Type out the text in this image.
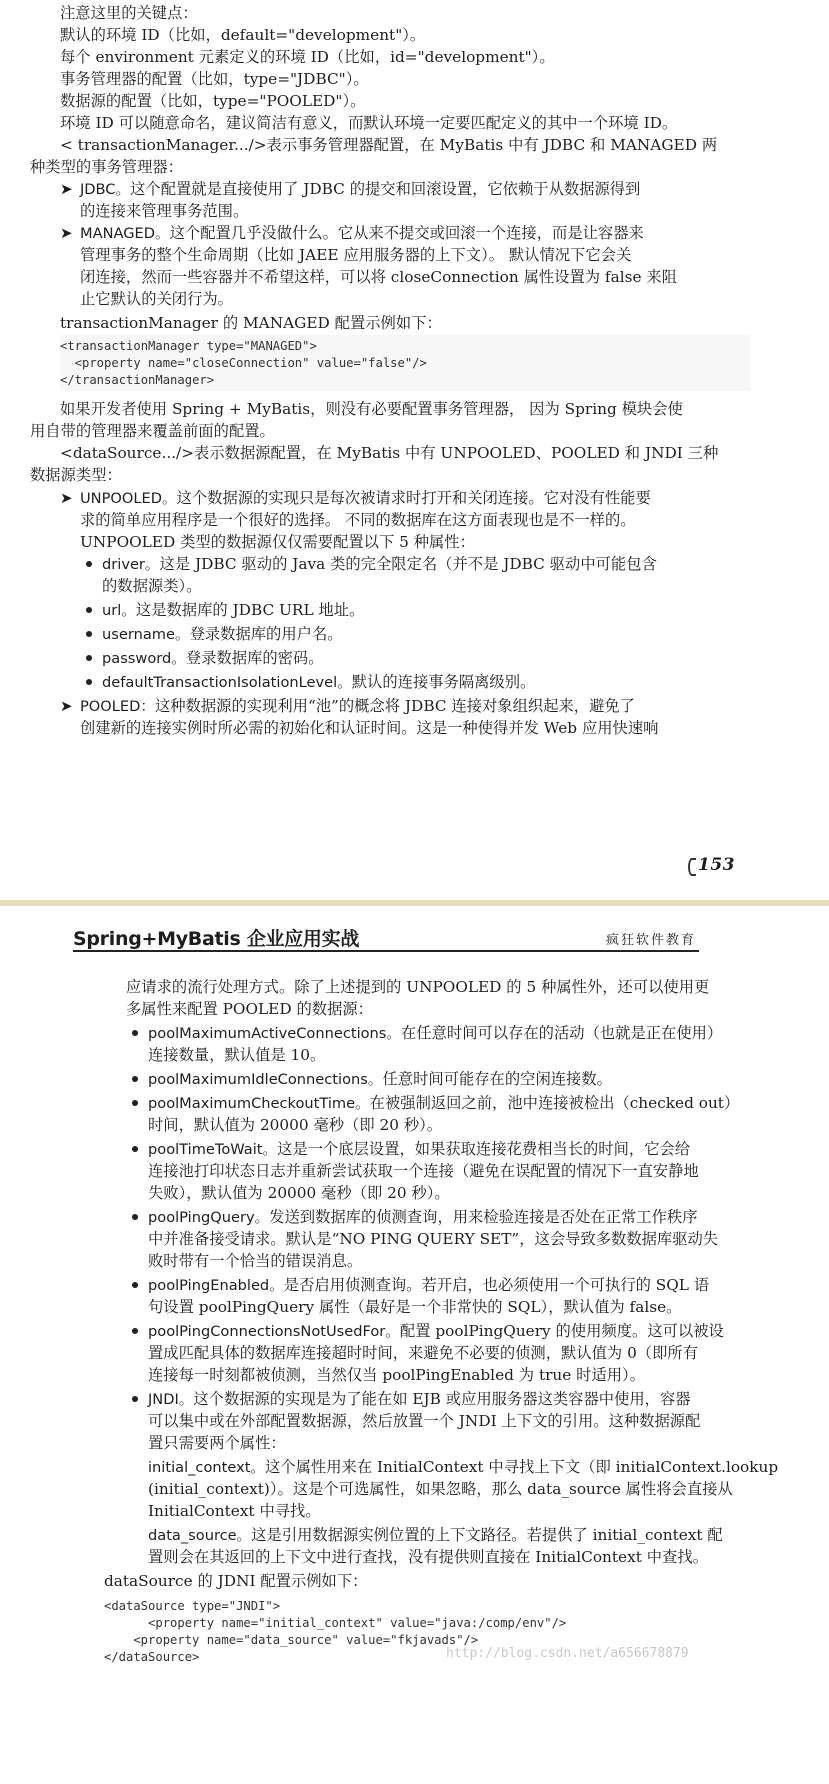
注意这里的关键点：
默认的环境 ID（比如，default="development"）。
每个 environment 元素定义的环境 ID（比如，id="development"）。
事务管理器的配置（比如，type="JDBC"）。
数据源的配置（比如，type="POOLED"）。
环境 ID 可以随意命名，建议简洁有意义，而默认环境一定要匹配定义的其中一个环境 ID。
< transactionManager.../>表示事务管理器配置，在 MyBatis 中有 JDBC 和 MANAGED 两
种类型的事务管理器：
➤ JDBC。这个配置就是直接使用了 JDBC 的提交和回滚设置，它依赖于从数据源得到
的连接来管理事务范围。
➤ MANAGED。这个配置几乎没做什么。它从来不提交或回滚一个连接，而是让容器来
管理事务的整个生命周期（比如 JAEE 应用服务器的上下文）。 默认情况下它会关
闭连接，然而一些容器并不希望这样，可以将 closeConnection 属性设置为 false 来阻
止它默认的关闭行为。
transactionManager 的 MANAGED 配置示例如下：
<transactionManager type="MANAGED">
<property name="closeConnection" value="false"/>
</transactionManager>
如果开发者使用 Spring + MyBatis，则没有必要配置事务管理器， 因为 Spring 模块会使
用自带的管理器来覆盖前面的配置。
<dataSource.../>表示数据源配置，在 MyBatis 中有 UNPOOLED、POOLED 和 JNDI 三种
数据源类型：
➤ UNPOOLED。这个数据源的实现只是每次被请求时打开和关闭连接。它对没有性能要
求的简单应用程序是一个很好的选择。 不同的数据库在这方面表现也是不一样的。
UNPOOLED 类型的数据源仅仅需要配置以下 5 种属性：
driver。这是 JDBC 驱动的 Java 类的完全限定名（并不是 JDBC 驱动中可能包含
的数据源类）。
url。这是数据库的 JDBC URL 地址。
username。登录数据库的用户名。
password。登录数据库的密码。
defaultTransactionIsolationLevel。默认的连接事务隔离级别。
➤ POOLED：这种数据源的实现利用“池”的概念将 JDBC 连接对象组织起来，避免了
创建新的连接实例时所必需的初始化和认证时间。这是一种使得并发 Web 应用快速响
153
Spring+MyBatis 企业应用实战	疯狂软件教育
应请求的流行处理方式。除了上述提到的 UNPOOLED 的 5 种属性外，还可以使用更
多属性来配置 POOLED 的数据源：
poolMaximumActiveConnections。在任意时间可以存在的活动（也就是正在使用）
连接数量，默认值是 10。
poolMaximumIdleConnections。任意时间可能存在的空闲连接数。
poolMaximumCheckoutTime。在被强制返回之前，池中连接被检出（checked out）
时间，默认值为 20000 毫秒（即 20 秒）。
poolTimeToWait。这是一个底层设置，如果获取连接花费相当长的时间，它会给
连接池打印状态日志并重新尝试获取一个连接（避免在误配置的情况下一直安静地
失败），默认值为 20000 毫秒（即 20 秒）。
poolPingQuery。发送到数据库的侦测查询，用来检验连接是否处在正常工作秩序
中并准备接受请求。默认是“NO PING QUERY SET”，这会导致多数数据库驱动失
败时带有一个恰当的错误消息。
poolPingEnabled。是否启用侦测查询。若开启，也必须使用一个可执行的 SQL 语
句设置 poolPingQuery 属性（最好是一个非常快的 SQL），默认值为 false。
poolPingConnectionsNotUsedFor。配置 poolPingQuery 的使用频度。这可以被设
置成匹配具体的数据库连接超时时间，来避免不必要的侦测，默认值为 0（即所有
连接每一时刻都被侦测，当然仅当 poolPingEnabled 为 true 时适用）。
JNDI。这个数据源的实现是为了能在如 EJB 或应用服务器这类容器中使用，容器
可以集中或在外部配置数据源，然后放置一个 JNDI 上下文的引用。这种数据源配
置只需要两个属性：
initial_context。这个属性用来在 InitialContext 中寻找上下文（即 initialContext.lookup
(initial_context)）。这是个可选属性，如果忽略，那么 data_source 属性将会直接从
InitialContext 中寻找。
data_source。这是引用数据源实例位置的上下文路径。若提供了 initial_context 配
置则会在其返回的上下文中进行查找，没有提供则直接在 InitialContext 中查找。
dataSource 的 JDNI 配置示例如下：
<dataSource type="JNDI">
<property name="initial_context" value="java:/comp/env"/>
<property name="data_source" value="fkjavads"/>
</dataSource>	http://blog.csdn.net/a656678879
